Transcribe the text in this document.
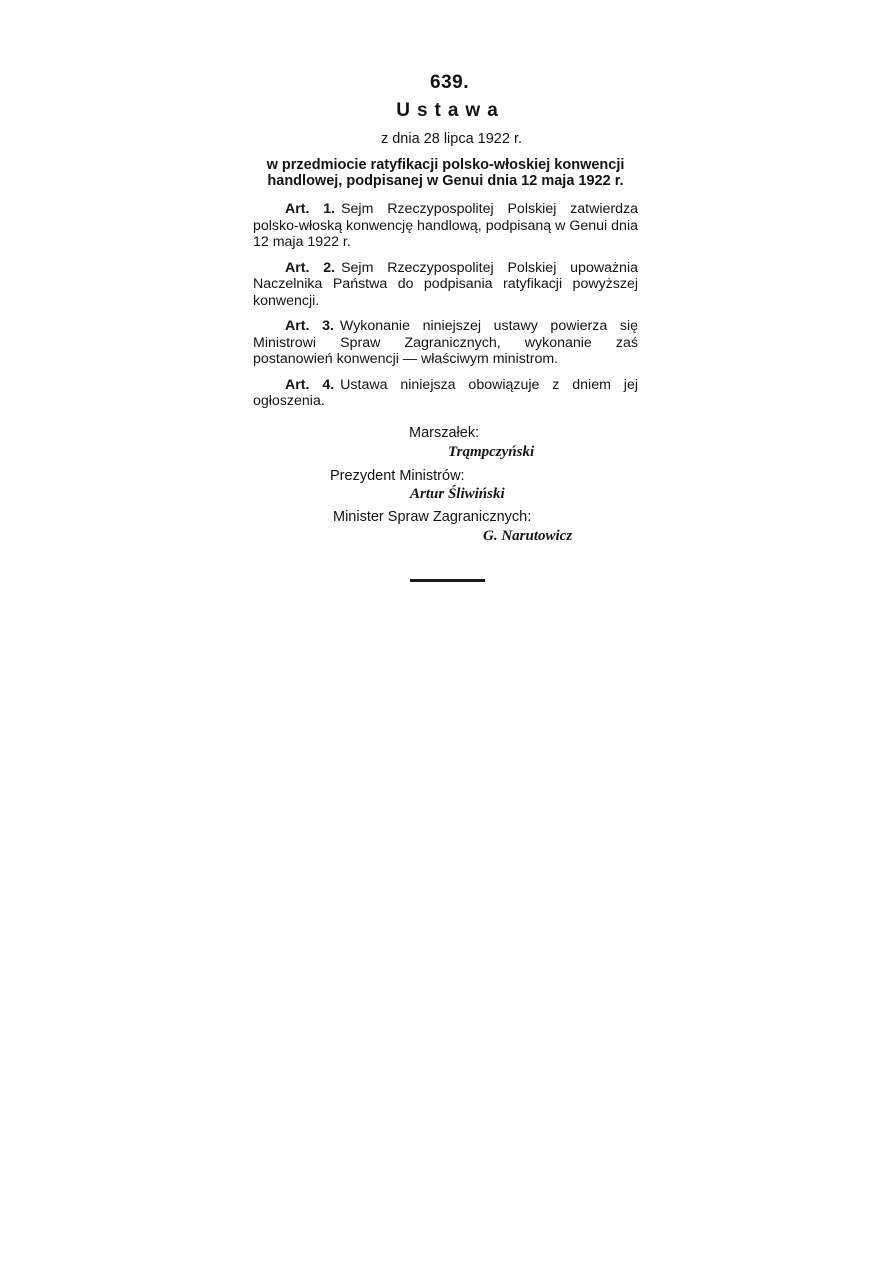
639.
Ustawa
z dnia 28 lipca 1922 r.
w przedmiocie ratyfikacji polsko-włoskiej konwencji handlowej, podpisanej w Genui dnia 12 maja 1922 r.

Art. 1. Sejm Rzeczypospolitej Polskiej zatwierdza polsko-włoską konwencję handlową, podpisaną w Genui dnia 12 maja 1922 r.

Art. 2. Sejm Rzeczypospolitej Polskiej upoważnia Naczelnika Państwa do podpisania ratyfikacji powyższej konwencji.

Art. 3. Wykonanie niniejszej ustawy powierza się Ministrowi Spraw Zagranicznych, wykonanie zaś postanowień konwencji — właściwym ministrom.

Art. 4. Ustawa niniejsza obowiązuje z dniem jej ogłoszenia.

Marszałek:
Trąmpczyński
Prezydent Ministrów:
Artur Śliwiński
Minister Spraw Zagranicznych:
G. Narutowicz
